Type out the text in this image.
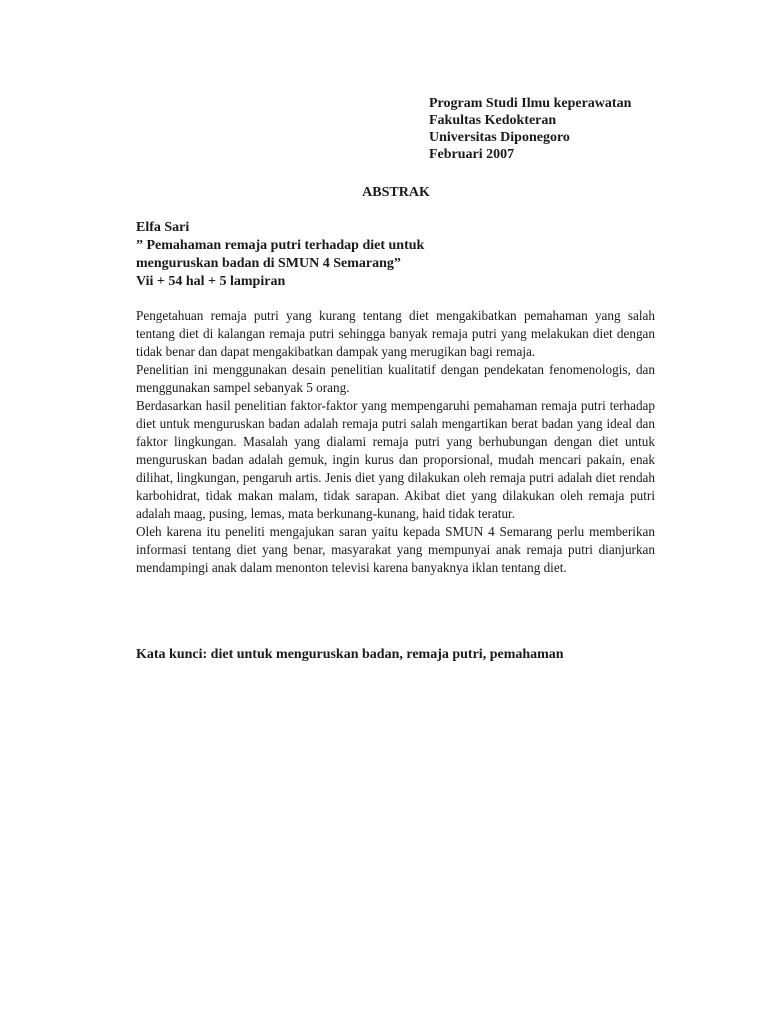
Program Studi Ilmu keperawatan
Fakultas Kedokteran
Universitas Diponegoro
Februari 2007
ABSTRAK
Elfa Sari
” Pemahaman remaja putri terhadap diet untuk
menguruskan badan di SMUN 4 Semarang”
Vii + 54 hal + 5 lampiran

Pengetahuan remaja putri yang kurang tentang diet mengakibatkan pemahaman yang salah tentang diet di kalangan remaja putri sehingga banyak remaja putri yang melakukan diet dengan tidak benar dan dapat mengakibatkan dampak yang merugikan bagi remaja.

Penelitian ini menggunakan desain penelitian kualitatif dengan pendekatan fenomenologis, dan menggunakan sampel sebanyak 5 orang.

Berdasarkan hasil penelitian faktor-faktor yang mempengaruhi pemahaman remaja putri terhadap diet untuk menguruskan badan adalah remaja putri salah mengartikan berat badan yang ideal dan faktor lingkungan. Masalah yang dialami remaja putri yang berhubungan dengan diet untuk menguruskan badan adalah gemuk, ingin kurus dan proporsional, mudah mencari pakain, enak dilihat, lingkungan, pengaruh artis. Jenis diet yang dilakukan oleh remaja putri adalah diet rendah karbohidrat, tidak makan malam, tidak sarapan. Akibat diet yang dilakukan oleh remaja putri adalah maag, pusing, lemas, mata berkunang-kunang, haid tidak teratur.

Oleh karena itu peneliti mengajukan saran yaitu kepada SMUN 4 Semarang perlu memberikan informasi tentang diet yang benar, masyarakat yang mempunyai anak remaja putri dianjurkan mendampingi anak dalam menonton televisi karena banyaknya iklan tentang diet.

Kata kunci: diet untuk menguruskan badan, remaja putri, pemahaman
